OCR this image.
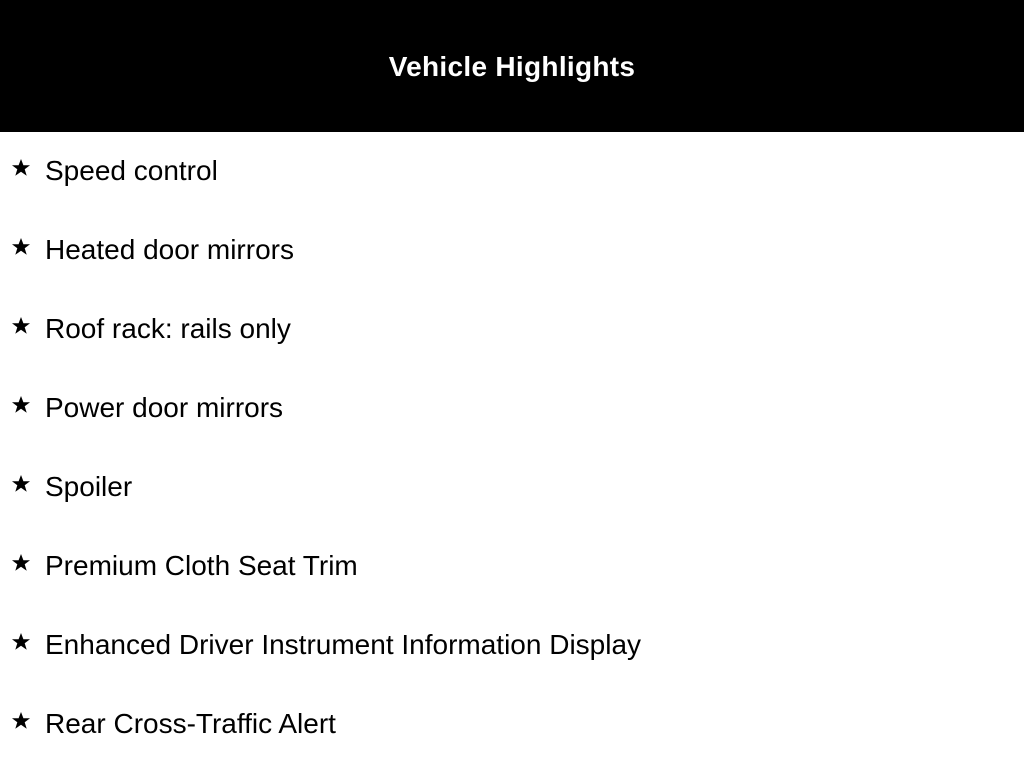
Vehicle Highlights
Speed control
Heated door mirrors
Roof rack: rails only
Power door mirrors
Spoiler
Premium Cloth Seat Trim
Enhanced Driver Instrument Information Display
Rear Cross-Traffic Alert
